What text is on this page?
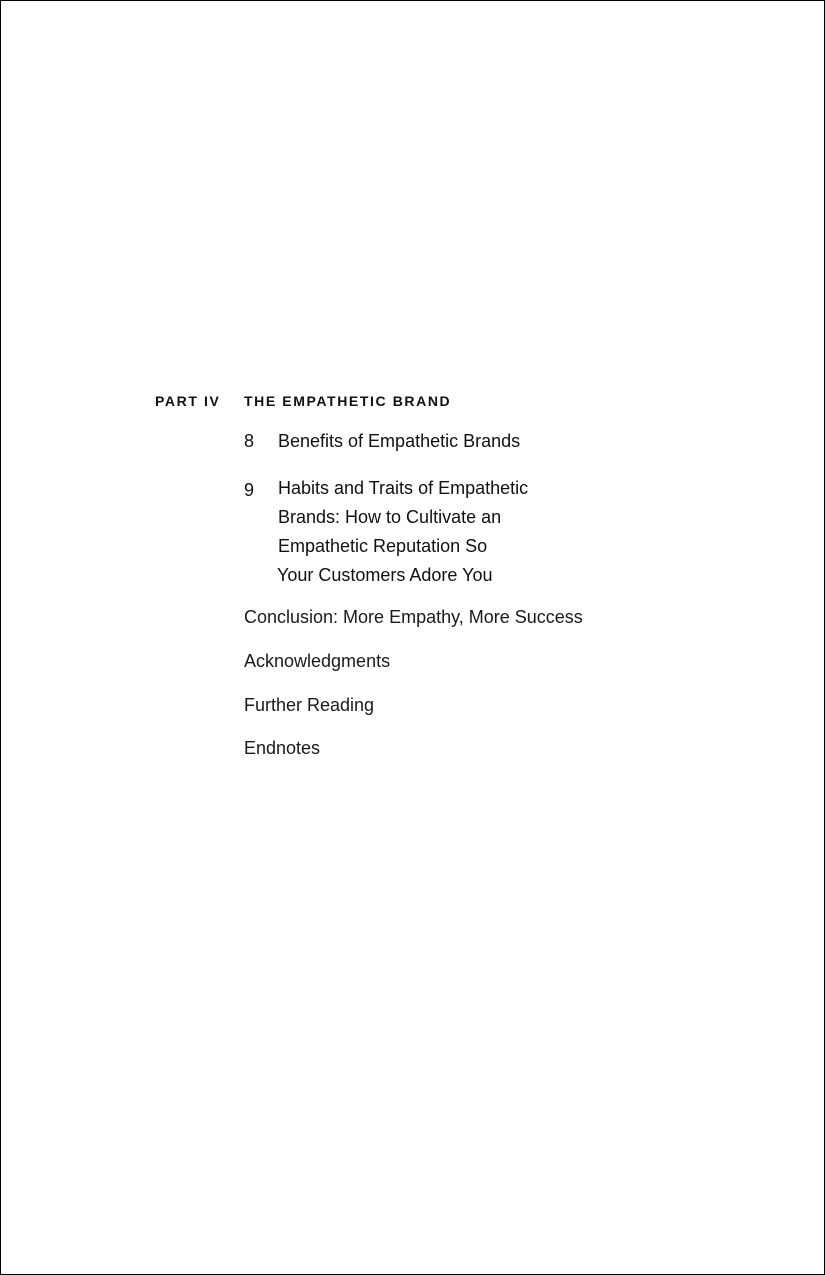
PART IV THE EMPATHETIC BRAND
8 Benefits of Empathetic Brands
9 Habits and Traits of Empathetic
Brands: How to Cultivate an
Empathetic Reputation So
Your Customers Adore You
Conclusion: More Empathy, More Success
Acknowledgments
Further Reading
Endnotes
